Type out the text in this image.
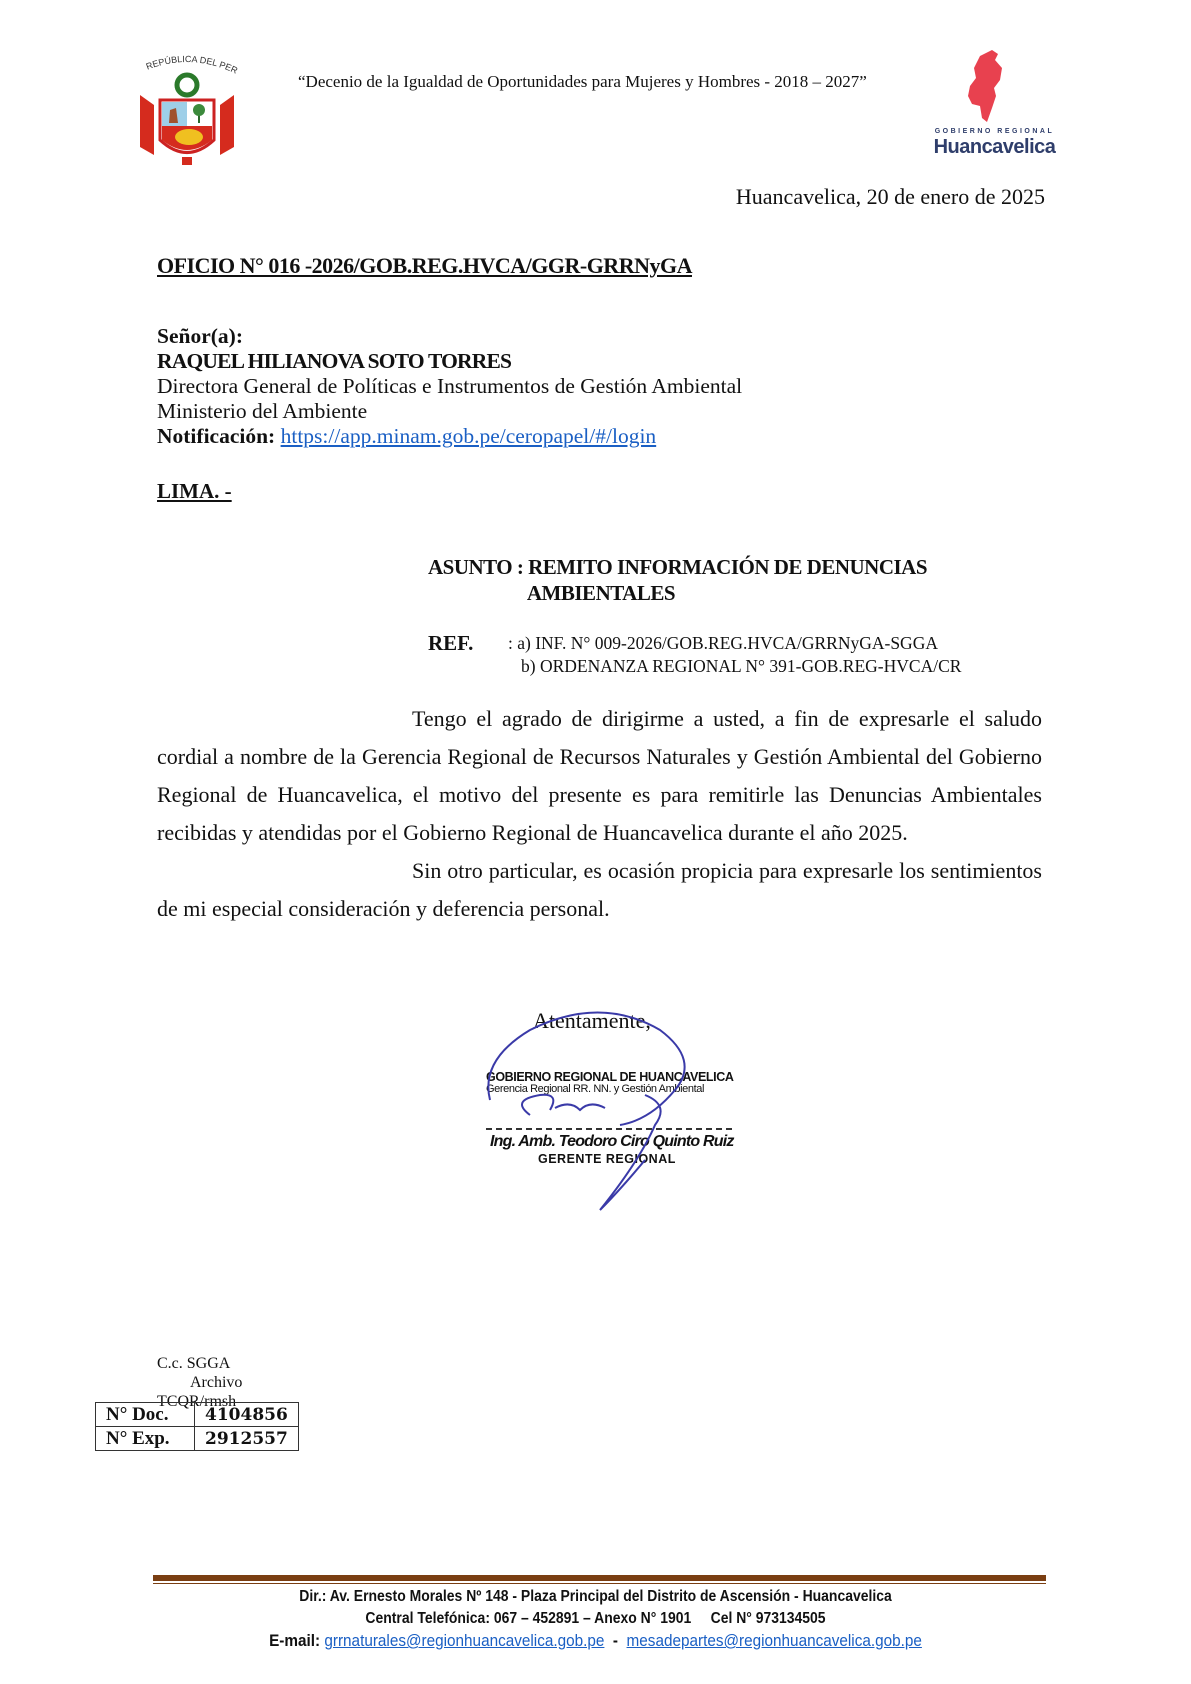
REPÚBLICA DEL PER
“Decenio de la Igualdad de Oportunidades para Mujeres y Hombres - 2018 – 2027”
GOBIERNO REGIONAL
Huancavelica
Huancavelica, 20 de enero de 2025
OFICIO N° 016 -2026/GOB.REG.HVCA/GGR-GRRNyGA
Señor(a):
RAQUEL HILIANOVA SOTO TORRES
Directora General de Políticas e Instrumentos de Gestión Ambiental
Ministerio del Ambiente
Notificación: https://app.minam.gob.pe/ceropapel/#/login
LIMA. -
ASUNTO : REMITO INFORMACIÓN DE DENUNCIAS
AMBIENTALES
REF. : a) INF. N° 009-2026/GOB.REG.HVCA/GRRNyGA-SGGA
b) ORDENANZA REGIONAL N° 391-GOB.REG-HVCA/CR

Tengo el agrado de dirigirme a usted, a fin de expresarle el saludo cordial a nombre de la Gerencia Regional de Recursos Naturales y Gestión Ambiental del Gobierno Regional de Huancavelica, el motivo del presente es para remitirle las Denuncias Ambientales recibidas y atendidas por el Gobierno Regional de Huancavelica durante el año 2025.

Sin otro particular, es ocasión propicia para expresarle los sentimientos de mi especial consideración y deferencia personal.

Atentamente,
GOBIERNO REGIONAL DE HUANCAVELICA
Gerencia Regional RR. NN. y Gestión Ambiental
Ing. Amb. Teodoro Ciro Quinto Ruiz
GERENTE REGIONAL
C.c. SGGA
Archivo
TCQR/rmsh
N° Doc.	4104856
N° Exp.	2912557
Dir.: Av. Ernesto Morales Nº 148 - Plaza Principal del Distrito de Ascensión - Huancavelica
Central Telefónica: 067 – 452891 – Anexo N° 1901     Cel N° 973134505
E-mail: grrnaturales@regionhuancavelica.gob.pe - mesadepartes@regionhuancavelica.gob.pe
